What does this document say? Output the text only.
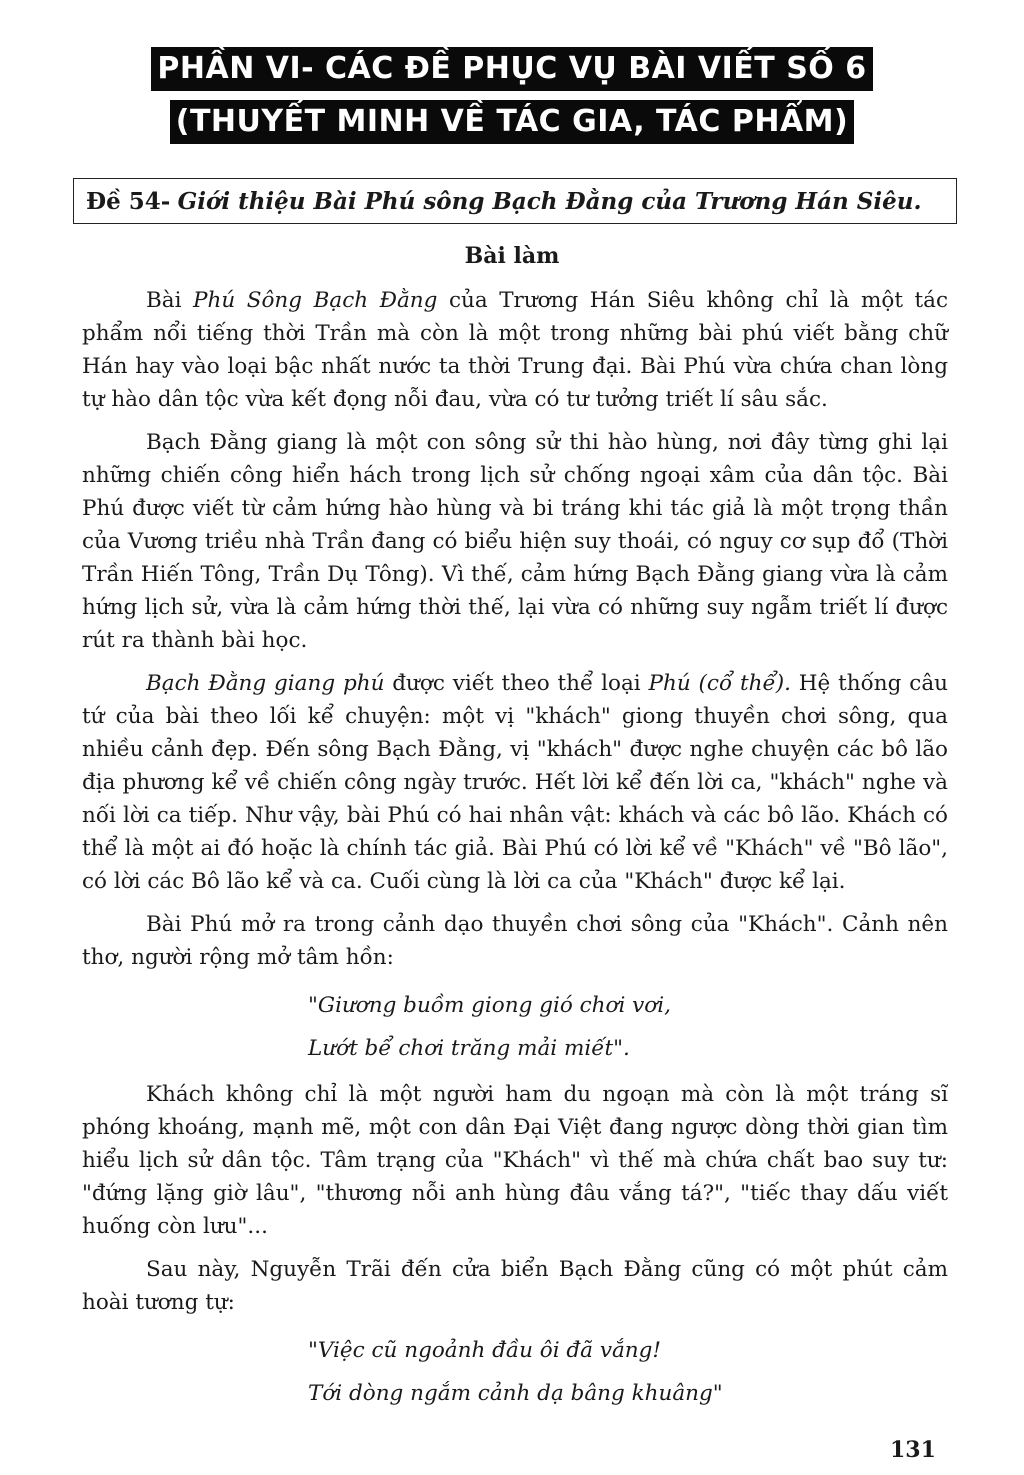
PHẦN VI- CÁC ĐỀ PHỤC VỤ BÀI VIẾT SỐ 6
(THUYẾT MINH VỀ TÁC GIA, TÁC PHẨM)
Đề 54- Giới thiệu Bài Phú sông Bạch Đằng của Trương Hán Siêu.
Bài làm

Bài Phú Sông Bạch Đằng của Trương Hán Siêu không chỉ là một tác phẩm nổi tiếng thời Trần mà còn là một trong những bài phú viết bằng chữ Hán hay vào loại bậc nhất nước ta thời Trung đại. Bài Phú vừa chứa chan lòng tự hào dân tộc vừa kết đọng nỗi đau, vừa có tư tưởng triết lí sâu sắc.

Bạch Đằng giang là một con sông sử thi hào hùng, nơi đây từng ghi lại những chiến công hiển hách trong lịch sử chống ngoại xâm của dân tộc. Bài Phú được viết từ cảm hứng hào hùng và bi tráng khi tác giả là một trọng thần của Vương triều nhà Trần đang có biểu hiện suy thoái, có nguy cơ sụp đổ (Thời Trần Hiến Tông, Trần Dụ Tông). Vì thế, cảm hứng Bạch Đằng giang vừa là cảm hứng lịch sử, vừa là cảm hứng thời thế, lại vừa có những suy ngẫm triết lí được rút ra thành bài học.

Bạch Đằng giang phú được viết theo thể loại Phú (cổ thể). Hệ thống câu tứ của bài theo lối kể chuyện: một vị "khách" giong thuyền chơi sông, qua nhiều cảnh đẹp. Đến sông Bạch Đằng, vị "khách" được nghe chuyện các bô lão địa phương kể về chiến công ngày trước. Hết lời kể đến lời ca, "khách" nghe và nối lời ca tiếp. Như vậy, bài Phú có hai nhân vật: khách và các bô lão. Khách có thể là một ai đó hoặc là chính tác giả. Bài Phú có lời kể về "Khách" về "Bô lão", có lời các Bô lão kể và ca. Cuối cùng là lời ca của "Khách" được kể lại.

Bài Phú mở ra trong cảnh dạo thuyền chơi sông của "Khách". Cảnh nên thơ, người rộng mở tâm hồn:

"Giương buồm giong gió chơi vơi,

Lướt bể chơi trăng mải miết".

Khách không chỉ là một người ham du ngoạn mà còn là một tráng sĩ phóng khoáng, mạnh mẽ, một con dân Đại Việt đang ngược dòng thời gian tìm hiểu lịch sử dân tộc. Tâm trạng của "Khách" vì thế mà chứa chất bao suy tư: "đứng lặng giờ lâu", "thương nỗi anh hùng đâu vắng tá?", "tiếc thay dấu viết huống còn lưu"...

Sau này, Nguyễn Trãi đến cửa biển Bạch Đằng cũng có một phút cảm hoài tương tự:

"Việc cũ ngoảnh đầu ôi đã vắng!

Tới dòng ngắm cảnh dạ bâng khuâng"

131
